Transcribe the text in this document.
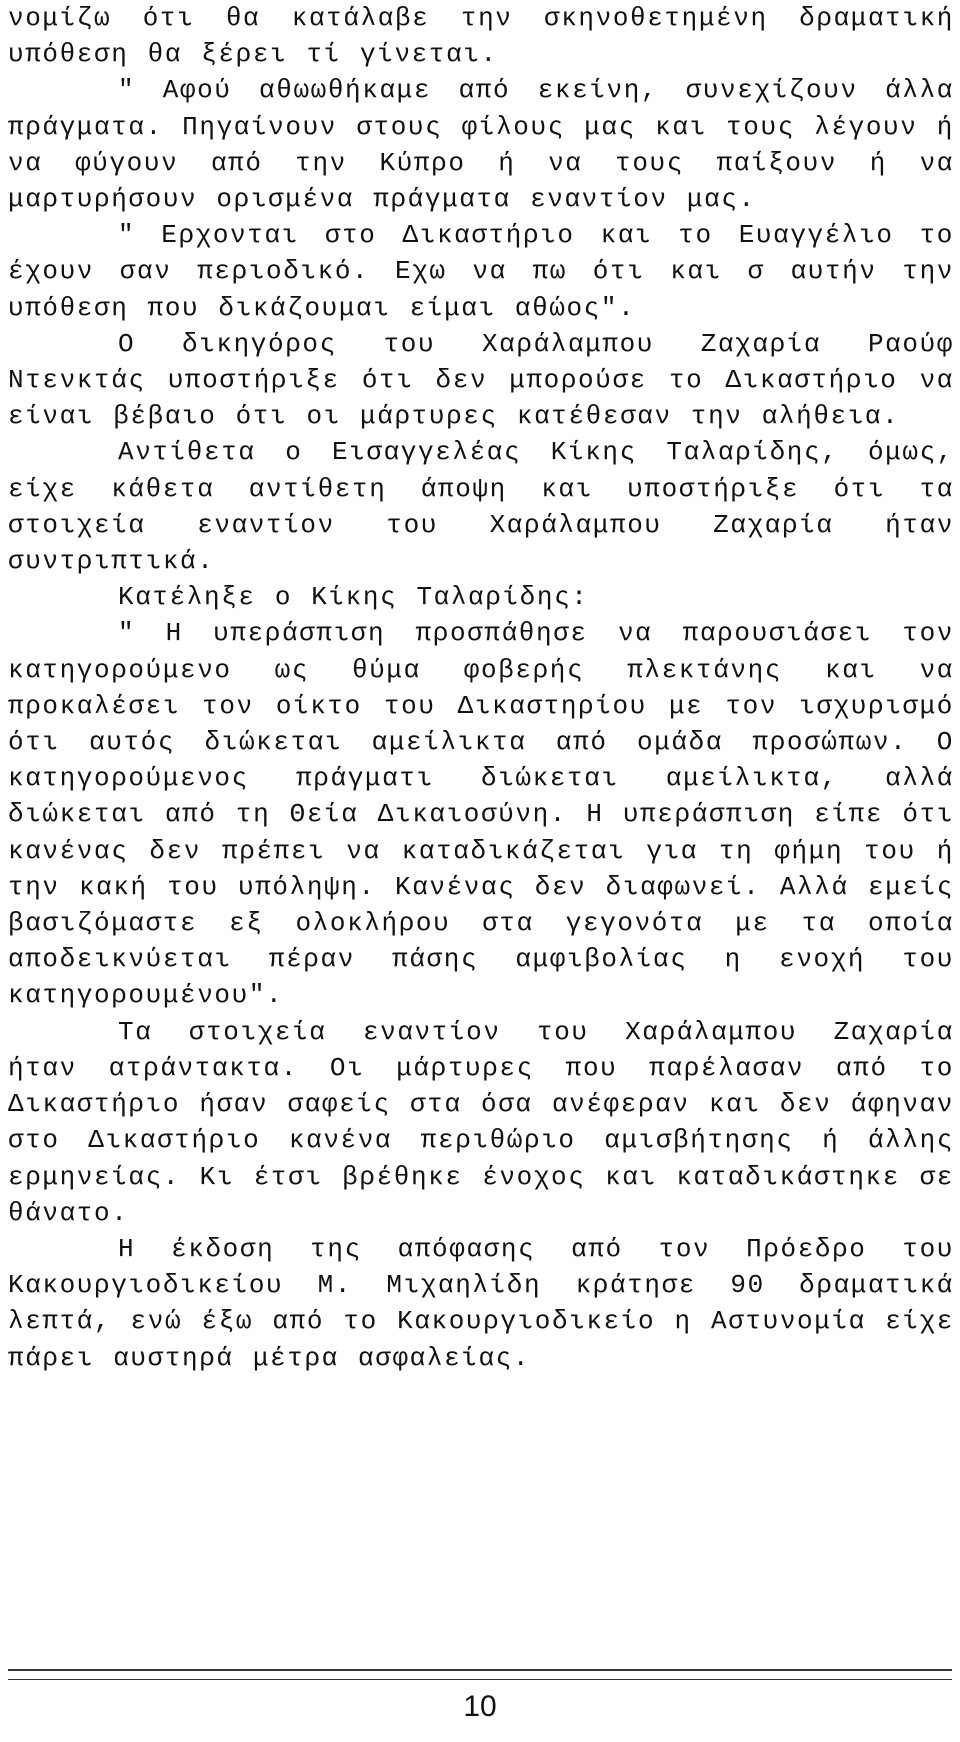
νομίζω ότι θα κατάλαβε την σκηνοθετημένη δραματική υπόθεση θα ξέρει τί γίνεται.

" Αφού αθωωθήκαμε από εκείνη, συνεχίζουν άλλα πράγματα. Πηγαίνουν στους φίλους μας και τους λέγουν ή να φύγουν από την Κύπρο ή να τους παίξουν ή να μαρτυρήσουν ορισμένα πράγματα εναντίον μας.

" Ερχονται στο Δικαστήριο και το Ευαγγέλιο το έχουν σαν περιοδικό. Εχω να πω ότι και σ αυτήν την υπόθεση που δικάζουμαι είμαι αθώος".

Ο δικηγόρος του Χαράλαμπου Ζαχαρία Ραούφ Ντενκτάς υποστήριξε ότι δεν μπορούσε το Δικαστήριο να είναι βέβαιο ότι οι μάρτυρες κατέθεσαν την αλήθεια.

Αντίθετα ο Εισαγγελέας Κίκης Ταλαρίδης, όμως, είχε κάθετα αντίθετη άποψη και υποστήριξε ότι τα στοιχεία εναντίον του Χαράλαμπου Ζαχαρία ήταν συντριπτικά.

Κατέληξε ο Κίκης Ταλαρίδης:

" Η υπεράσπιση προσπάθησε να παρουσιάσει τον κατηγορούμενο ως θύμα φοβερής πλεκτάνης και να προκαλέσει τον οίκτο του Δικαστηρίου με τον ισχυρισμό ότι αυτός διώκεται αμείλικτα από ομάδα προσώπων. Ο κατηγορούμενος πράγματι διώκεται αμείλικτα, αλλά διώκεται από τη Θεία Δικαιοσύνη. Η υπεράσπιση είπε ότι κανένας δεν πρέπει να καταδικάζεται για τη φήμη του ή την κακή του υπόληψη. Κανένας δεν διαφωνεί. Αλλά εμείς βασιζόμαστε εξ ολοκλήρου στα γεγονότα με τα οποία αποδεικνύεται πέραν πάσης αμφιβολίας η ενοχή του κατηγορουμένου".

Τα στοιχεία εναντίον του Χαράλαμπου Ζαχαρία ήταν ατράντακτα. Οι μάρτυρες που παρέλασαν από το Δικαστήριο ήσαν σαφείς στα όσα ανέφεραν και δεν άφηναν στο Δικαστήριο κανένα περιθώριο αμισβήτησης ή άλλης ερμηνείας. Κι έτσι βρέθηκε ένοχος και καταδικάστηκε σε θάνατο.

Η έκδοση της απόφασης από τον Πρόεδρο του Κακουργιοδικείου Μ. Μιχαηλίδη κράτησε 90 δραματικά λεπτά, ενώ έξω από το Κακουργιοδικείο η Αστυνομία είχε πάρει αυστηρά μέτρα ασφαλείας.

10
